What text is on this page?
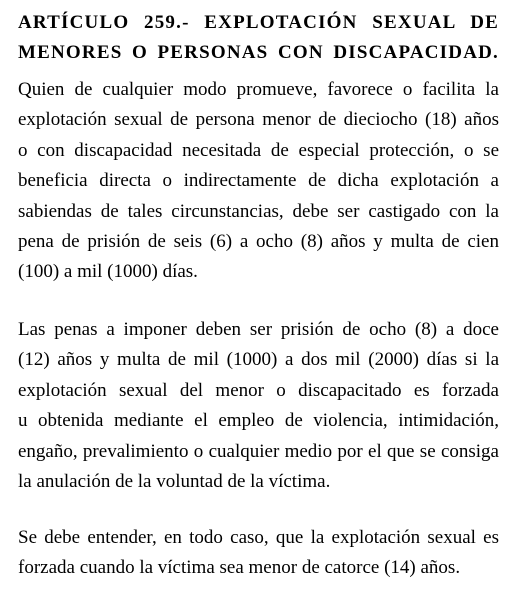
ARTÍCULO 259.- EXPLOTACIÓN SEXUAL DE
MENORES O PERSONAS CON DISCAPACIDAD.
Quien de cualquier modo promueve, favorece o facilita la
explotación sexual de persona menor de dieciocho (18) años
o con discapacidad necesitada de especial protección, o se
beneficia directa o indirectamente de dicha explotación a
sabiendas de tales circunstancias, debe ser castigado con la
pena de prisión de seis (6) a ocho (8) años y multa de cien
(100) a mil (1000) días.
Las penas a imponer deben ser prisión de ocho (8) a doce
(12) años y multa de mil (1000) a dos mil (2000) días si la
explotación sexual del menor o discapacitado es forzada
u obtenida mediante el empleo de violencia, intimidación,
engaño, prevalimiento o cualquier medio por el que se consiga
la anulación de la voluntad de la víctima.
Se debe entender, en todo caso, que la explotación sexual es
forzada cuando la víctima sea menor de catorce (14) años.
